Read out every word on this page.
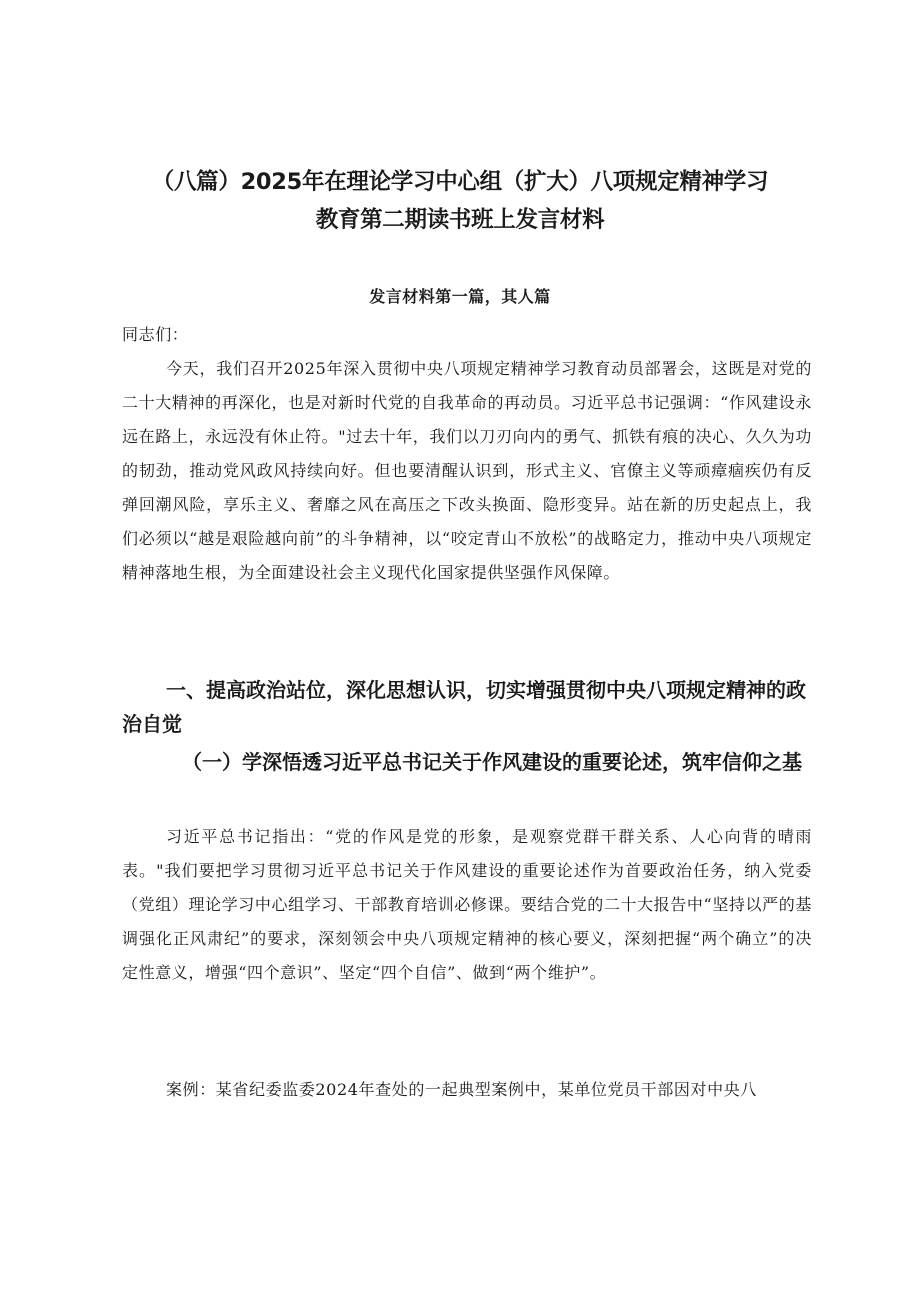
（八篇）2025年在理论学习中心组（扩大）八项规定精神学习
教育第二期读书班上发言材料
发言材料第一篇，其人篇

同志们：

今天，我们召开2025年深入贯彻中央八项规定精神学习教育动员部署会，这既是对党的二十大精神的再深化，也是对新时代党的自我革命的再动员。习近平总书记强调：“作风建设永远在路上，永远没有休止符。"过去十年，我们以刀刃向内的勇气、抓铁有痕的决心、久久为功的韧劲，推动党风政风持续向好。但也要清醒认识到，形式主义、官僚主义等顽瘴痼疾仍有反弹回潮风险，享乐主义、奢靡之风在高压之下改头换面、隐形变异。站在新的历史起点上，我们必须以“越是艰险越向前”的斗争精神，以“咬定青山不放松”的战略定力，推动中央八项规定精神落地生根，为全面建设社会主义现代化国家提供坚强作风保障。

一、提高政治站位，深化思想认识，切实增强贯彻中央八项规定精神的政治自觉
（一）学深悟透习近平总书记关于作风建设的重要论述，筑牢信仰之基

习近平总书记指出：“党的作风是党的形象，是观察党群干群关系、人心向背的晴雨表。"我们要把学习贯彻习近平总书记关于作风建设的重要论述作为首要政治任务，纳入党委（党组）理论学习中心组学习、干部教育培训必修课。要结合党的二十大报告中“坚持以严的基调强化正风肃纪”的要求，深刻领会中央八项规定精神的核心要义，深刻把握“两个确立”的决定性意义，增强“四个意识”、坚定“四个自信”、做到“两个维护”。

案例：某省纪委监委2024年查处的一起典型案例中，某单位党员干部因对中央八
